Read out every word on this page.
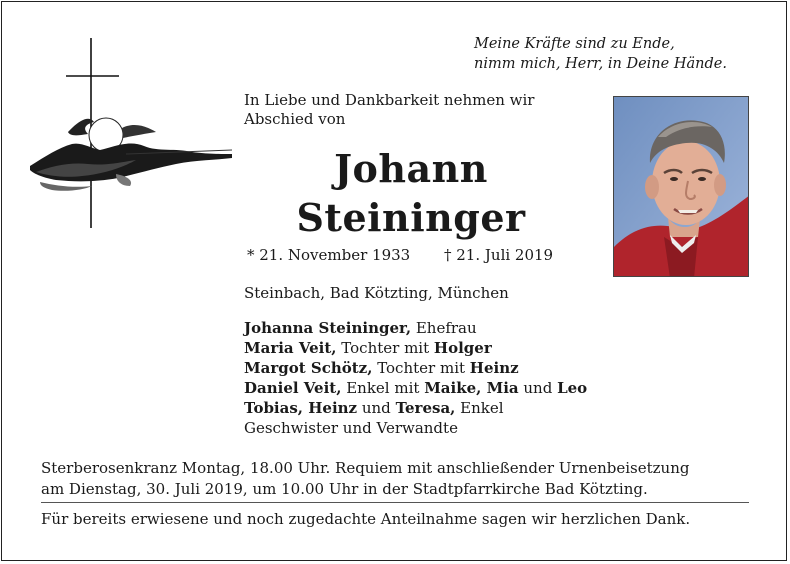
Meine Kräfte sind zu Ende,
nimm mich, Herr, in Deine Hände.
In Liebe und Dankbarkeit nehmen wir
Abschied von
Johann
Steininger
* 21. November 1933 † 21. Juli 2019
Steinbach, Bad Kötzting, München
Johanna Steininger, Ehefrau
Maria Veit, Tochter mit Holger
Margot Schötz, Tochter mit Heinz
Daniel Veit, Enkel mit Maike, Mia und Leo
Tobias, Heinz und Teresa, Enkel
Geschwister und Verwandte
Sterberosenkranz Montag, 18.00 Uhr. Requiem mit anschließender Urnenbeisetzung
am Dienstag, 30. Juli 2019, um 10.00 Uhr in der Stadtpfarrkirche Bad Kötzting.
Für bereits erwiesene und noch zugedachte Anteilnahme sagen wir herzlichen Dank.
